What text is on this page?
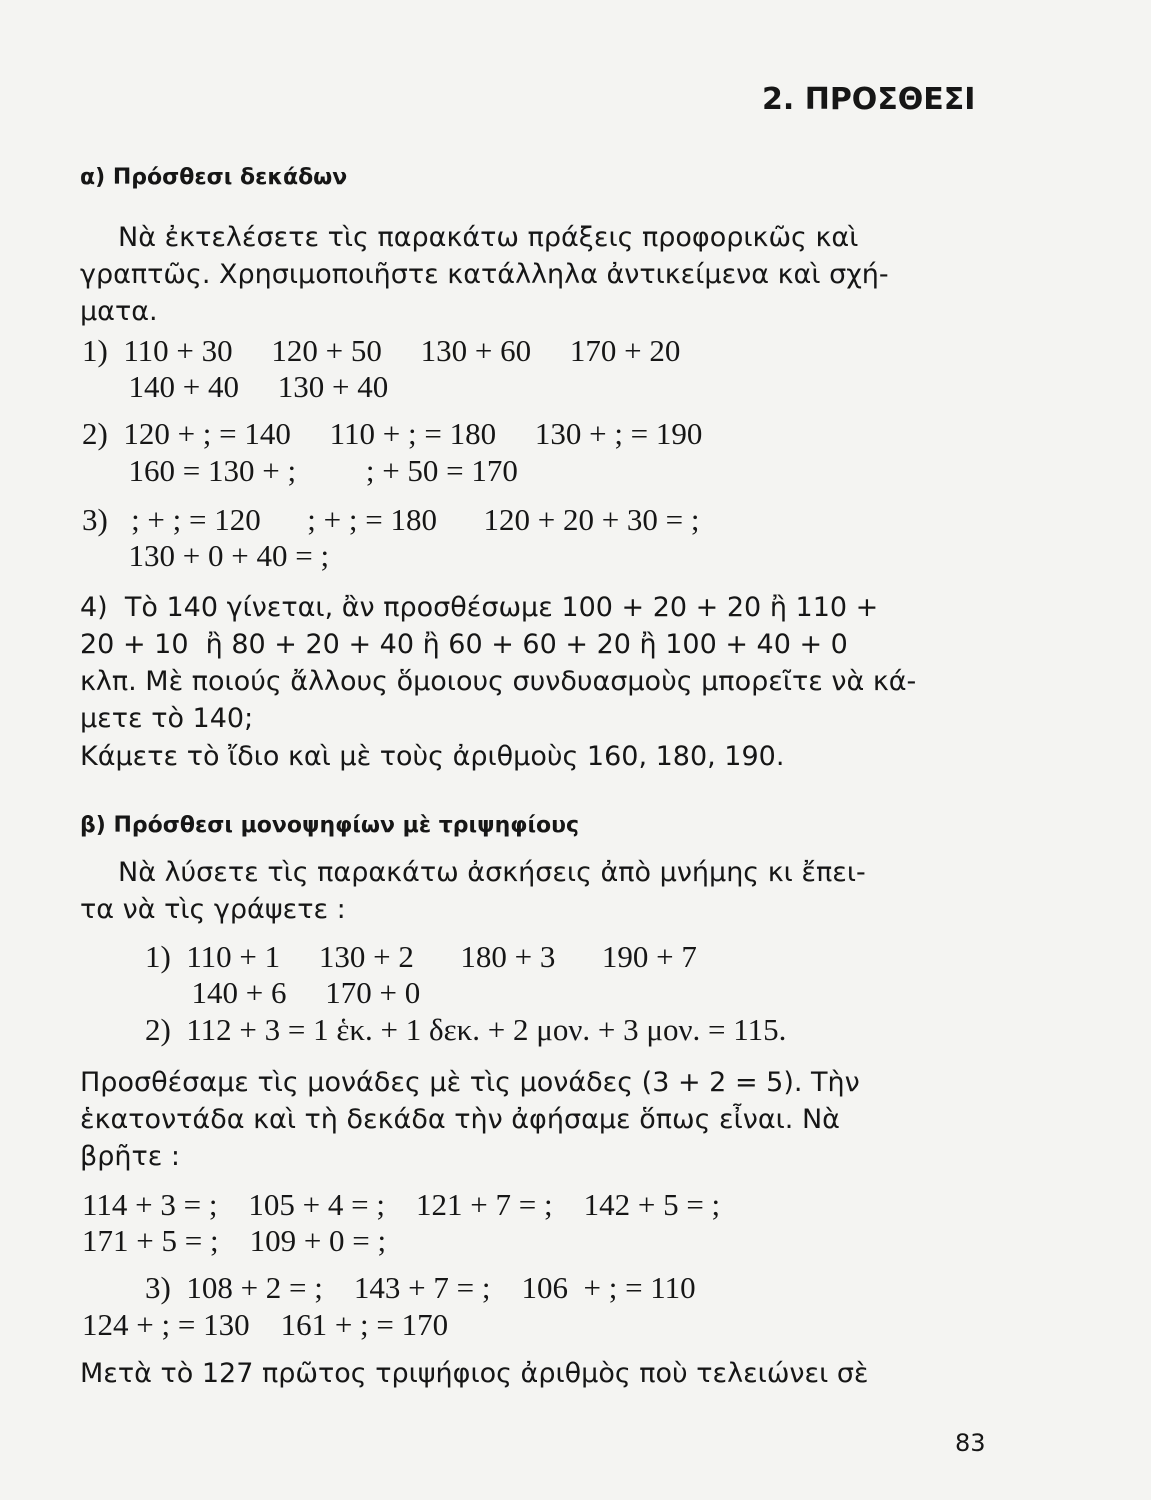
2. ΠΡΟΣΘΕΣΙ
α) Πρόσθεσι δεκάδων
Νὰ ἐκτελέσετε τὶς παρακάτω πράξεις προφορικῶς καὶ
γραπτῶς. Χρησιμοποιῆστε κατάλληλα ἀντικείμενα καὶ σχή-
ματα.
1)  110 + 30     120 + 50     130 + 60     170 + 20
140 + 40     130 + 40
2)  120 + ; = 140     110 + ; = 180     130 + ; = 190
160 = 130 + ;         ; + 50 = 170
3)   ; + ; = 120      ; + ; = 180      120 + 20 + 30 = ;
130 + 0 + 40 = ;
4)  Τὸ 140 γίνεται, ἂν προσθέσωμε 100 + 20 + 20 ἢ 110 +
20 + 10  ἢ 80 + 20 + 40 ἢ 60 + 60 + 20 ἢ 100 + 40 + 0
κλπ. Μὲ ποιούς ἄλλους ὅμοιους συνδυασμοὺς μπορεῖτε νὰ κά-
μετε τὸ 140;
Κάμετε τὸ ἴδιο καὶ μὲ τοὺς ἀριθμοὺς 160, 180, 190.
β) Πρόσθεσι μονοψηφίων μὲ τριψηφίους
Νὰ λύσετε τὶς παρακάτω ἀσκήσεις ἀπὸ μνήμης κι ἔπει-
τα νὰ τὶς γράψετε :
1)  110 + 1     130 + 2      180 + 3      190 + 7
140 + 6     170 + 0
2)  112 + 3 = 1 ἑκ. + 1 δεκ. + 2 μον. + 3 μον. = 115.
Προσθέσαμε τὶς μονάδες μὲ τὶς μονάδες (3 + 2 = 5). Τὴν
ἑκατοντάδα καὶ τὴ δεκάδα τὴν ἀφήσαμε ὅπως εἶναι. Νὰ
βρῆτε :
114 + 3 = ;    105 + 4 = ;    121 + 7 = ;    142 + 5 = ;
171 + 5 = ;    109 + 0 = ;
3)  108 + 2 = ;    143 + 7 = ;    106  + ; = 110
124 + ; = 130    161 + ; = 170
Μετὰ τὸ 127 πρῶτος τριψήφιος ἀριθμὸς ποὺ τελειώνει σὲ
83
